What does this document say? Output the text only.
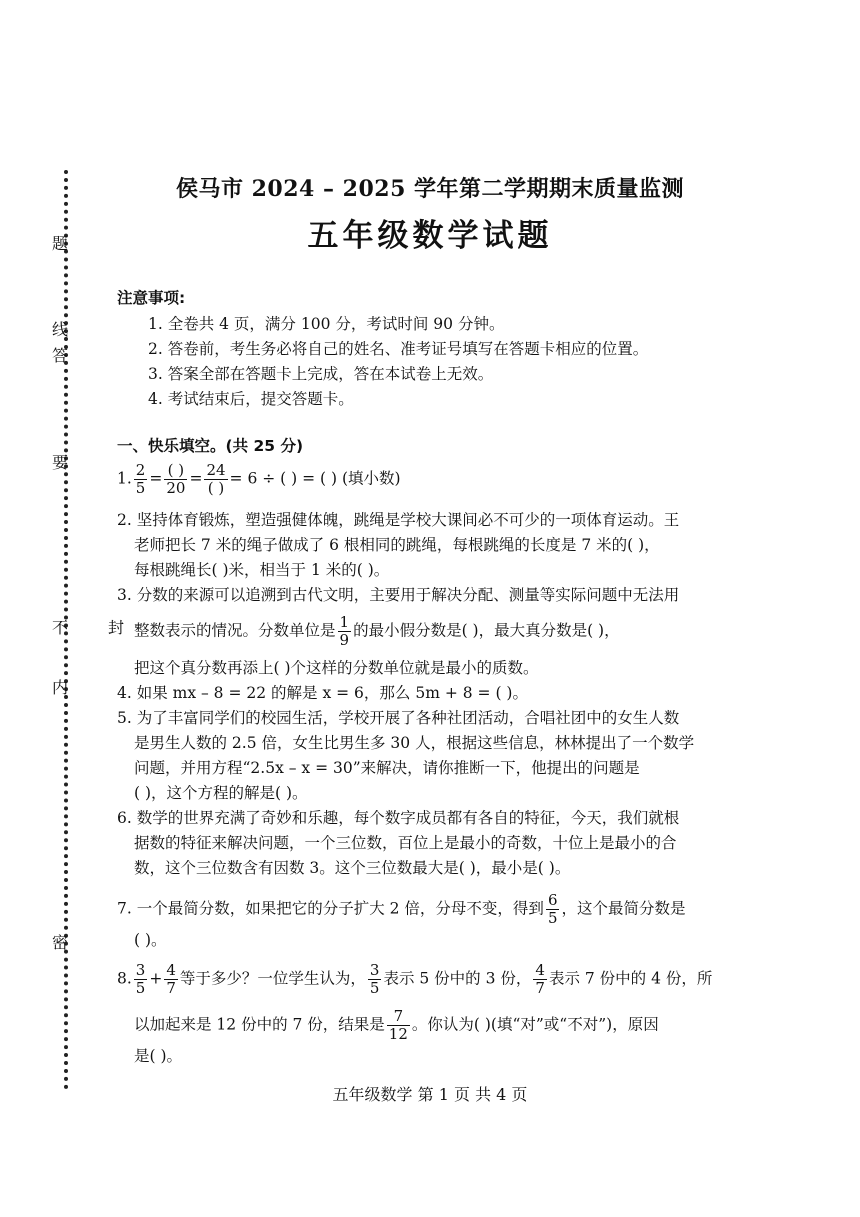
题
线
答
要
不
内
封
密
侯马市 2024 – 2025 学年第二学期期末质量监测
五年级数学试题
注意事项:
1. 全卷共 4 页，满分 100 分，考试时间 90 分钟。
2. 答卷前，考生务必将自己的姓名、准考证号填写在答题卡相应的位置。
3. 答案全部在答题卡上完成，答在本试卷上无效。
4. 考试结束后，提交答题卡。
一、快乐填空。(共 25 分)
1. $\frac{2}{5} = \frac{( )}{20} = \frac{24}{( )} = 6$ ÷ ( ) = ( ) (填小数)
2. 坚持体育锻炼，塑造强健体魄，跳绳是学校大课间必不可少的一项体育运动。王
老师把长 7 米的绳子做成了 6 根相同的跳绳，每根跳绳的长度是 7 米的( )，
每根跳绳长( )米，相当于 1 米的( )。
3. 分数的来源可以追溯到古代文明，主要用于解决分配、测量等实际问题中无法用
整数表示的情况。分数单位是 $\frac{1}{9}$ 的最小假分数是( )，最大真分数是( )，
把这个真分数再添上( )个这样的分数单位就是最小的质数。
4. 如果 mx – 8 = 22 的解是 x = 6，那么 5m + 8 = ( )。
5. 为了丰富同学们的校园生活，学校开展了各种社团活动，合唱社团中的女生人数
是男生人数的 2.5 倍，女生比男生多 30 人，根据这些信息，林林提出了一个数学
问题，并用方程“2.5x – x = 30”来解决，请你推断一下，他提出的问题是
( )，这个方程的解是( )。
6. 数学的世界充满了奇妙和乐趣，每个数字成员都有各自的特征，今天，我们就根
据数的特征来解决问题，一个三位数，百位上是最小的奇数，十位上是最小的合
数，这个三位数含有因数 3。这个三位数最大是( )，最小是( )。
7. 一个最简分数，如果把它的分子扩大 2 倍，分母不变，得到 $\frac{6}{5}$ ，这个最简分数是
( )。
8. $\frac{3}{5} + \frac{4}{7}$ 等于多少？一位学生认为， $\frac{3}{5}$ 表示 5 份中的 3 份， $\frac{4}{7}$ 表示 7 份中的 4 份，所
以加起来是 12 份中的 7 份，结果是 $\frac{7}{12}$ 。你认为( )(填“对”或“不对”)，原因
是( )。
五年级数学 第 1 页 共 4 页
